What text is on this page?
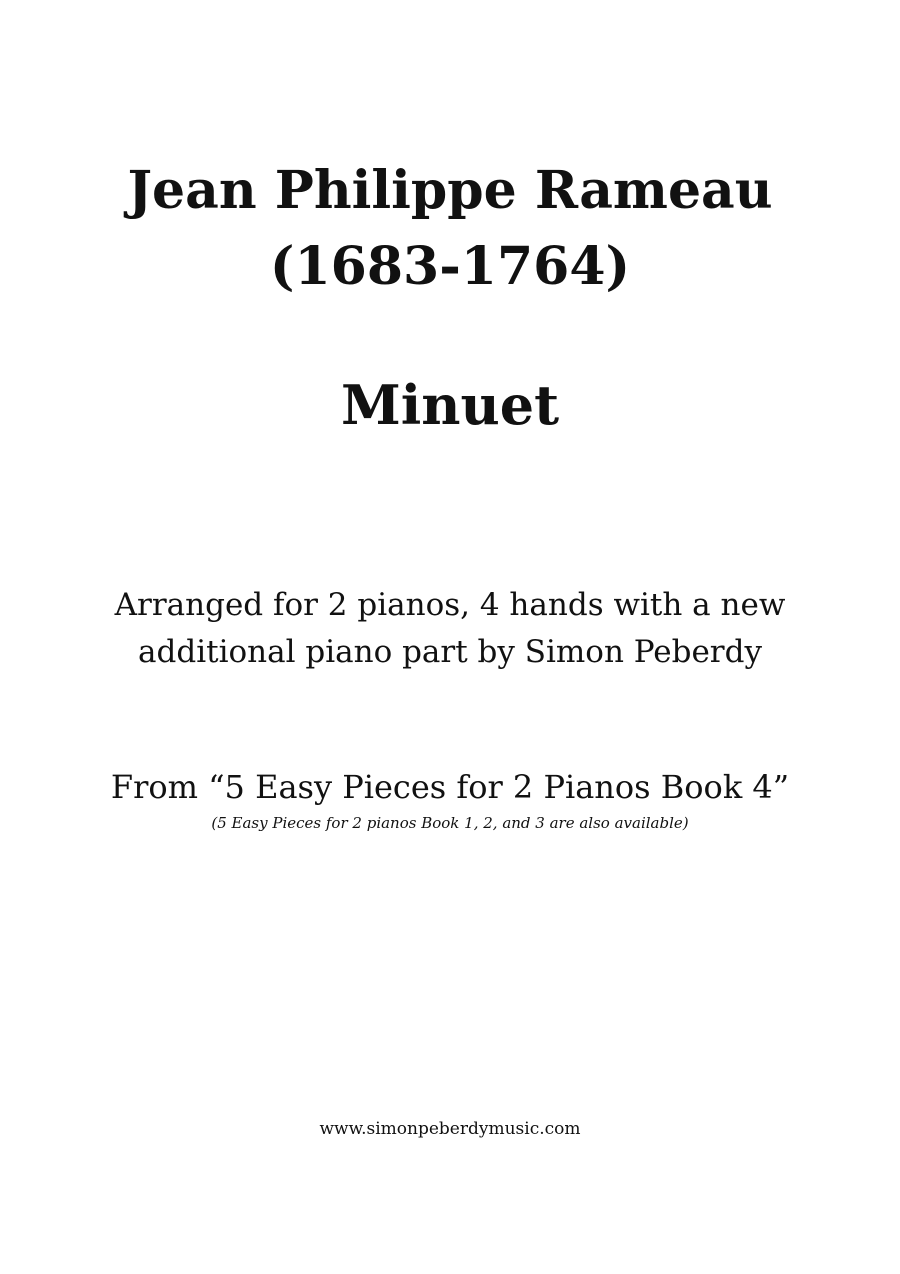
Jean Philippe Rameau
(1683-1764)
Minuet
Arranged for 2 pianos, 4 hands with a new
additional piano part by Simon Peberdy
From “5 Easy Pieces for 2 Pianos Book 4”
(5 Easy Pieces for 2 pianos Book 1, 2, and 3 are also available)
www.simonpeberdymusic.com
